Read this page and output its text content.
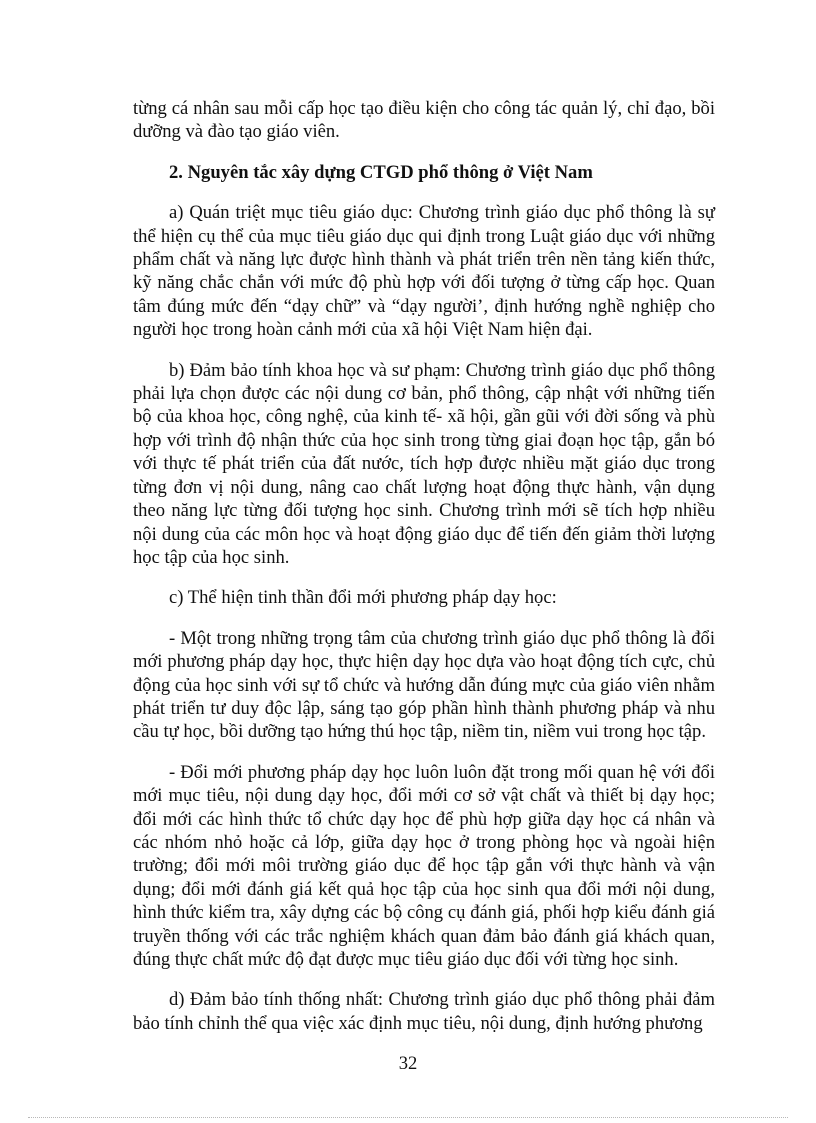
từng cá nhân sau mỗi cấp học tạo điều kiện cho công tác quản lý, chỉ đạo, bồi dưỡng và đào tạo giáo viên.

2. Nguyên tắc xây dựng CTGD phổ thông ở Việt Nam

a) Quán triệt mục tiêu giáo dục: Chương trình giáo dục phổ thông là sự thể hiện cụ thể của mục tiêu giáo dục qui định trong Luật giáo dục với những phẩm chất và năng lực được hình thành và phát triển trên nền tảng kiến thức, kỹ năng chắc chắn với mức độ phù hợp với đối tượng ở từng cấp học. Quan tâm đúng mức đến “dạy chữ” và “dạy người’, định hướng nghề nghiệp cho người học trong hoàn cảnh mới của xã hội Việt Nam hiện đại.

b) Đảm bảo tính khoa học và sư phạm: Chương trình giáo dục phổ thông phải lựa chọn được các nội dung cơ bản, phổ thông, cập nhật với những tiến bộ của khoa học, công nghệ, của kinh tế- xã hội, gần gũi với đời sống và phù hợp với trình độ nhận thức của học sinh trong từng giai đoạn học tập, gắn bó với thực tế phát triển của đất nước, tích hợp được nhiều mặt giáo dục trong từng đơn vị nội dung, nâng cao chất lượng hoạt động thực hành, vận dụng theo năng lực từng đối tượng học sinh. Chương trình mới sẽ tích hợp nhiều nội dung của các môn học và hoạt động giáo dục để tiến đến giảm thời lượng học tập của học sinh.

c) Thể hiện tinh thần đổi mới phương pháp dạy học:

- Một trong những trọng tâm của chương trình giáo dục phổ thông là đổi mới phương pháp dạy học, thực hiện dạy học dựa vào hoạt động tích cực, chủ động của học sinh với sự tổ chức và hướng dẫn đúng mực của giáo viên nhằm phát triển tư duy độc lập, sáng tạo góp phần hình thành phương pháp và nhu cầu tự học, bồi dưỡng tạo hứng thú học tập, niềm tin, niềm vui trong học tập.

- Đổi mới phương pháp dạy học luôn luôn đặt trong mối quan hệ với đổi mới mục tiêu, nội dung dạy học, đổi mới cơ sở vật chất và thiết bị dạy học; đổi mới các hình thức tổ chức dạy học để phù hợp giữa dạy học cá nhân và các nhóm nhỏ hoặc cả lớp, giữa dạy học ở trong phòng học và ngoài hiện trường; đổi mới môi trường giáo dục để học tập gắn với thực hành và vận dụng; đổi mới đánh giá kết quả học tập của học sinh qua đổi mới nội dung, hình thức kiểm tra, xây dựng các bộ công cụ đánh giá, phối hợp kiểu đánh giá truyền thống với các trắc nghiệm khách quan đảm bảo đánh giá khách quan, đúng thực chất mức độ đạt được mục tiêu giáo dục đối với từng học sinh.

d) Đảm bảo tính thống nhất: Chương trình giáo dục phổ thông phải đảm bảo tính chỉnh thể qua việc xác định mục tiêu, nội dung, định hướng phương

32
